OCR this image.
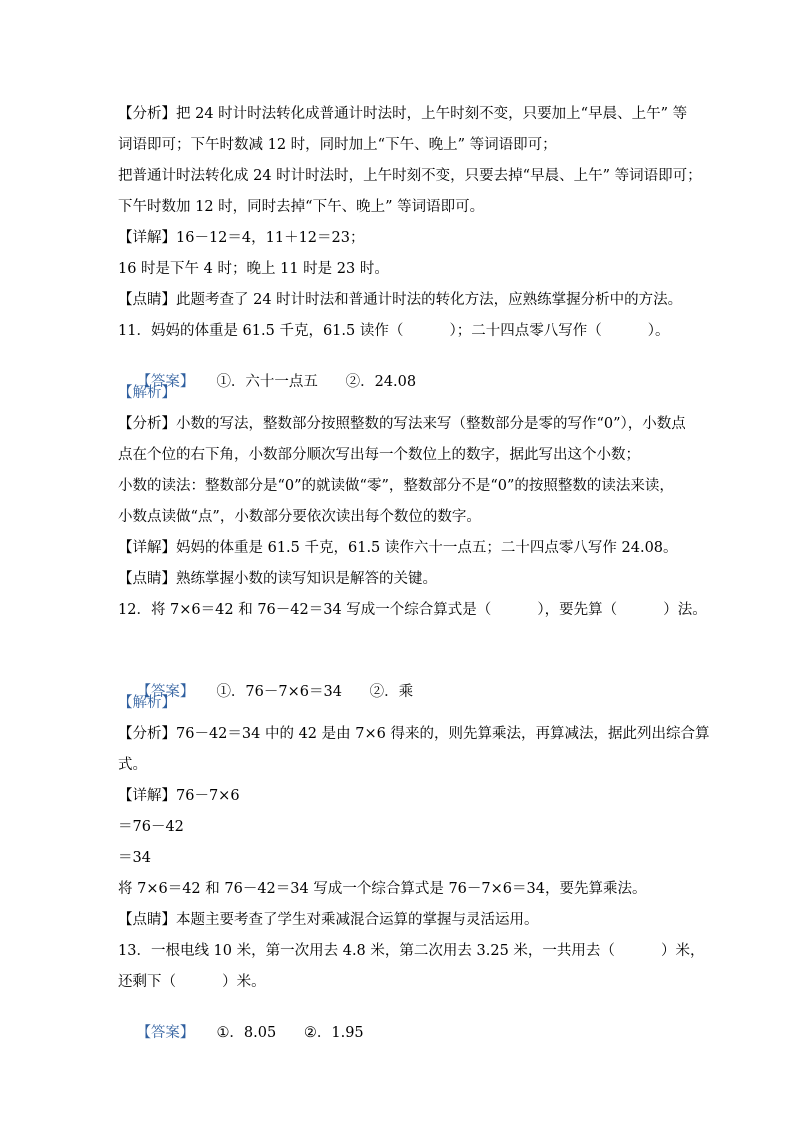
【分析】把 24 时计时法转化成普通计时法时，上午时刻不变，只要加上“早晨、上午” 等
词语即可；下午时数减 12 时，同时加上“下午、晚上” 等词语即可；
把普通计时法转化成 24 时计时法时，上午时刻不变，只要去掉“早晨、上午” 等词语即可；
下午时数加 12 时，同时去掉“下午、晚上” 等词语即可。
【详解】16－12＝4，11＋12＝23；
16 时是下午 4 时；晚上 11 时是 23 时。
【点睛】此题考查了 24 时计时法和普通计时法的转化方法，应熟练掌握分析中的方法。
11．妈妈的体重是 61.5 千克，61.5 读作（          ）；二十四点零八写作（          ）。

【答案】 ①．六十一点五      ②．24.08

【解析】
【分析】小数的写法，整数部分按照整数的写法来写（整数部分是零的写作“0”），小数点
点在个位的右下角，小数部分顺次写出每一个数位上的数字，据此写出这个小数；
小数的读法：整数部分是“0”的就读做“零”，整数部分不是“0”的按照整数的读法来读，
小数点读做“点”，小数部分要依次读出每个数位的数字。
【详解】妈妈的体重是 61.5 千克，61.5 读作六十一点五；二十四点零八写作 24.08。
【点睛】熟练掌握小数的读写知识是解答的关键。
12．将 7×6＝42 和 76－42＝34 写成一个综合算式是（          ），要先算（          ）法。

【答案】 ①．76－7×6＝34      ②．乘

【解析】
【分析】76－42＝34 中的 42 是由 7×6 得来的，则先算乘法，再算减法，据此列出综合算
式。
【详解】76－7×6
＝76－42
＝34
将 7×6＝42 和 76－42＝34 写成一个综合算式是 76－7×6＝34，要先算乘法。
【点睛】本题主要考查了学生对乘减混合运算的掌握与灵活运用。
13．一根电线 10 米，第一次用去 4.8 米，第二次用去 3.25 米，一共用去（          ）米，
还剩下（          ）米。

【答案】 ①．8.05      ②．1.95
